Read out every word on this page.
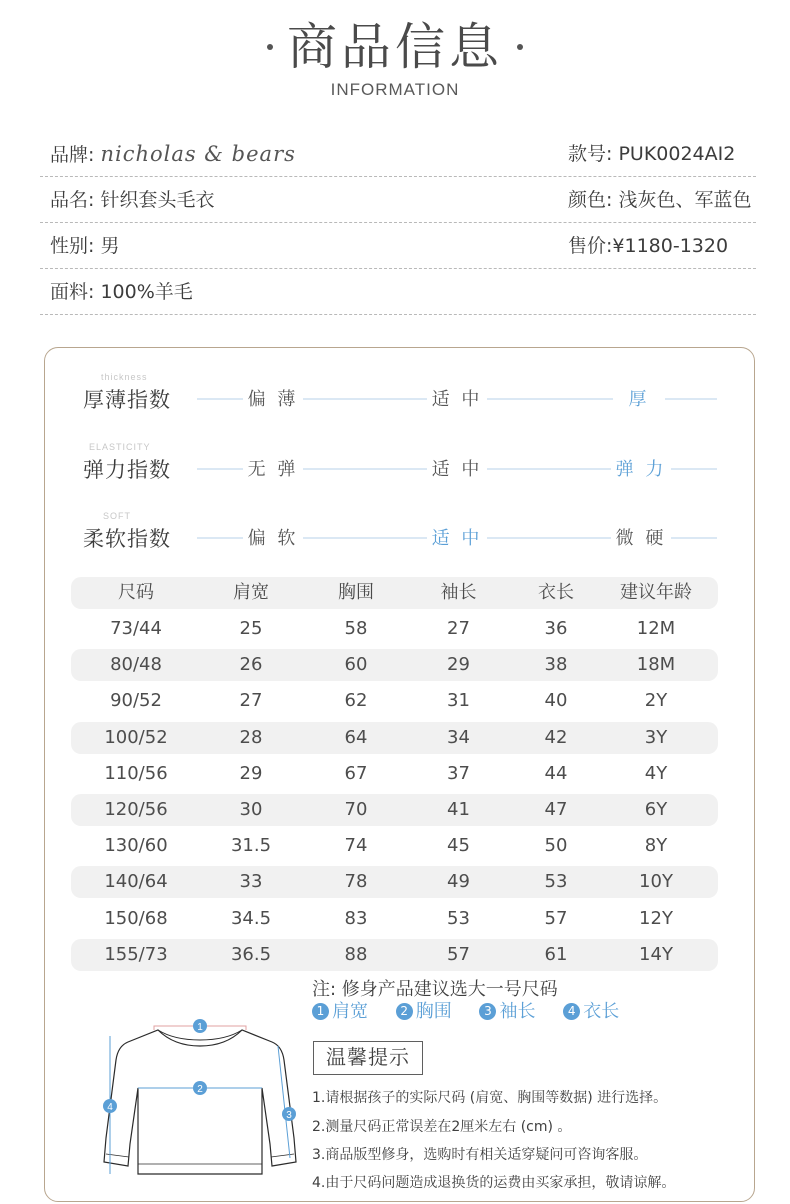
商品信息
INFORMATION
品牌: nicholas & bears	款号: PUK0024AI2
品名: 针织套头毛衣	颜色: 浅灰色、军蓝色
性别: 男	售价:¥1180-1320
面料: 100%羊毛
thickness
厚薄指数	偏 薄	适 中	厚
ELASTICITY
弹力指数	无 弹	适 中	弹 力
SOFT
柔软指数	偏 软	适 中	微 硬
尺码	肩宽	胸围	袖长	衣长	建议年龄
73/44	25	58	27	36	12M
80/48	26	60	29	38	18M
90/52	27	62	31	40	2Y
100/52	28	64	34	42	3Y
110/56	29	67	37	44	4Y
120/56	30	70	41	47	6Y
130/60	31.5	74	45	50	8Y
140/64	33	78	49	53	10Y
150/68	34.5	83	53	57	12Y
155/73	36.5	88	57	61	14Y
注: 修身产品建议选大一号尺码
1 肩宽	2 胸围	3 袖长	4 衣长
1
2
3
4
温馨提示
1.请根据孩子的实际尺码 (肩宽、胸围等数据) 进行选择。
2.测量尺码正常误差在2厘米左右 (cm) 。
3.商品版型修身，选购时有相关适穿疑问可咨询客服。
4.由于尺码问题造成退换货的运费由买家承担，敬请谅解。
